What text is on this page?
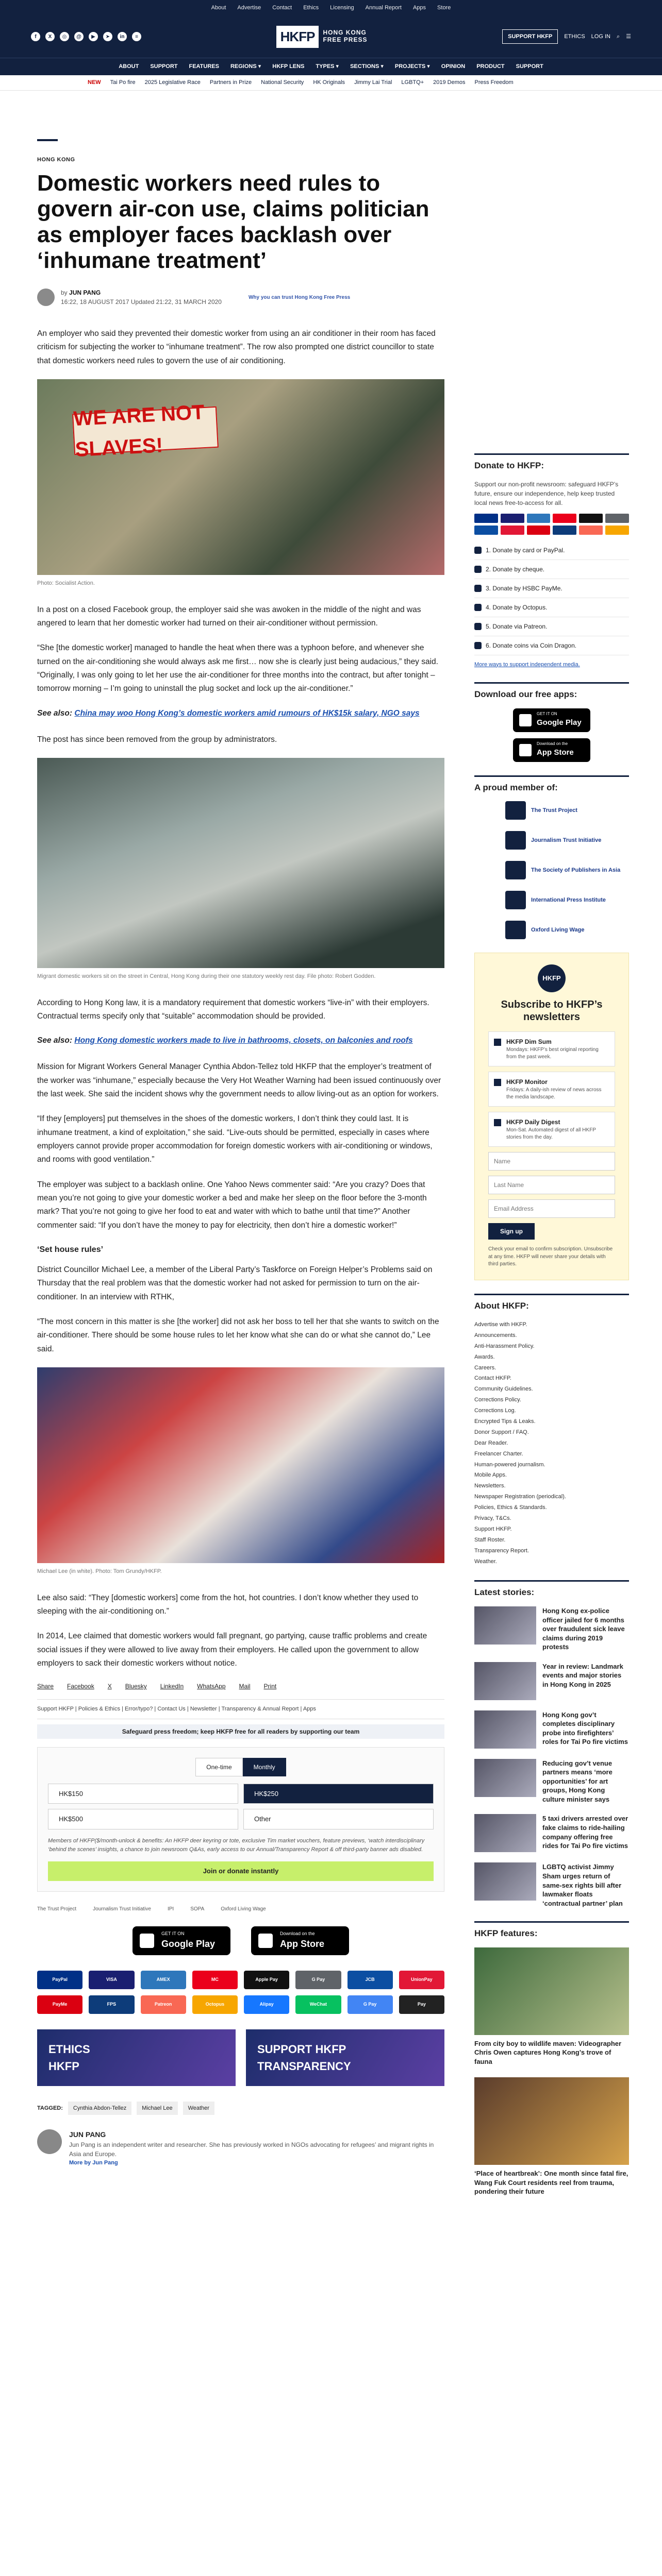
About Advertise Contact Ethics Licensing Annual Report Apps Store
f	X	◎	@	▶	➤	in	≡	HKFP	HONG KONG
FREE PRESS	SUPPORT HKFP	ETHICS LOG IN ⌕ ☰
ABOUT SUPPORT FEATURES REGIONS ▾ HKFP LENS TYPES ▾ SECTIONS ▾ PROJECTS ▾ OPINION PRODUCT SUPPORT
NEW Tai Po fire 2025 Legislative Race Partners in Prize National Security HK Originals Jimmy Lai Trial LGBTQ+ 2019 Demos Press Freedom
HONG KONG
Domestic workers need rules to govern air-con use, claims politician as employer faces backlash over ‘inhumane treatment’
by JUN PANG
16:22, 18 AUGUST 2017 Updated 21:22, 31 MARCH 2020
Why you can trust Hong Kong Free Press

An employer who said they prevented their domestic worker from using an air conditioner in their room has faced criticism for subjecting the worker to “inhumane treatment”. The row also prompted one district councillor to state that domestic workers need rules to govern the use of air conditioning.

WE ARE NOT SLAVES!
Photo: Socialist Action.

In a post on a closed Facebook group, the employer said she was awoken in the middle of the night and was angered to learn that her domestic worker had turned on their air-conditioner without permission.

“She [the domestic worker] managed to handle the heat when there was a typhoon before, and whenever she turned on the air-conditioning she would always ask me first… now she is clearly just being audacious,” they said. “Originally, I was only going to let her use the air-conditioner for three months into the contract, but after tonight – tomorrow morning – I’m going to uninstall the plug socket and lock up the air-conditioner.”

See also: China may woo Hong Kong’s domestic workers amid rumours of HK$15k salary, NGO says

The post has since been removed from the group by administrators.

Migrant domestic workers sit on the street in Central, Hong Kong during their one statutory weekly rest day. File photo: Robert Godden.

According to Hong Kong law, it is a mandatory requirement that domestic workers “live-in” with their employers. Contractual terms specify only that “suitable” accommodation should be provided.

See also: Hong Kong domestic workers made to live in bathrooms, closets, on balconies and roofs

Mission for Migrant Workers General Manager Cynthia Abdon-Tellez told HKFP that the employer’s treatment of the worker was “inhumane,” especially because the Very Hot Weather Warning had been issued continuously over the last week. She said the incident shows why the government needs to allow living-out as an option for workers.

“If they [employers] put themselves in the shoes of the domestic workers, I don’t think they could last. It is inhumane treatment, a kind of exploitation,” she said. “Live-outs should be permitted, especially in cases where employers cannot provide proper accommodation for foreign domestic workers with air-conditioning or windows, and rooms with good ventilation.”

The employer was subject to a backlash online. One Yahoo News commenter said: “Are you crazy? Does that mean you’re not going to give your domestic worker a bed and make her sleep on the floor before the 3-month mark? That you’re not going to give her food to eat and water with which to bathe until that time?” Another commenter said: “If you don’t have the money to pay for electricity, then don’t hire a domestic worker!”

‘Set house rules’

District Councillor Michael Lee, a member of the Liberal Party’s Taskforce on Foreign Helper’s Problems said on Thursday that the real problem was that the domestic worker had not asked for permission to turn on the air-conditioner. In an interview with RTHK,

“The most concern in this matter is she [the worker] did not ask her boss to tell her that she wants to switch on the air-conditioner. There should be some house rules to let her know what she can do or what she cannot do,” Lee said.

Michael Lee (in white). Photo: Tom Grundy/HKFP.

Lee also said: “They [domestic workers] come from the hot, hot countries. I don’t know whether they used to sleeping with the air-conditioning on.”

In 2014, Lee claimed that domestic workers would fall pregnant, go partying, cause traffic problems and create social issues if they were allowed to live away from their employers. He called upon the government to allow employers to sack their domestic workers without notice.

Share Facebook X Bluesky LinkedIn WhatsApp Mail Print
Support HKFP | Policies & Ethics | Error/typo? | Contact Us | Newsletter | Transparency & Annual Report | Apps
Safeguard press freedom; keep HKFP free for all readers by supporting our team
One-time	Monthly
HK$150	HK$250
HK$500	Other
Members of HKFP($/month-unlock & benefits: An HKFP deer keyring or tote, exclusive Tim market vouchers, feature previews, ‘watch interdisciplinary ‘behind the scenes’ insights, a chance to join newsroom Q&As, early access to our Annual/Transparency Report & off third-party banner ads disabled.
Join or donate instantly
The Trust Project	Journalism Trust Initiative	IPI	SOPA	Oxford Living Wage
GET IT ON
Google Play
Download on the
App Store
PayPal	VISA	AMEX	MC	Apple Pay	G Pay	JCB	UnionPay
PayMe	FPS	Patreon	Octopus	Alipay	WeChat	G Pay	Pay
ETHICS
HKFP
SUPPORT HKFP
TRANSPARENCY
TAGGED:	Cynthia Abdon-Tellez	Michael Lee	Weather
JUN PANG
Jun Pang is an independent writer and researcher. She has previously worked in NGOs advocating for refugees’ and migrant rights in Asia and Europe.
More by Jun Pang
Donate to HKFP:
Support our non-profit newsroom: safeguard HKFP’s future, ensure our independence, help keep trusted local news free-to-access for all.
1. Donate by card or PayPal.
2. Donate by cheque.
3. Donate by HSBC PayMe.
4. Donate by Octopus.
5. Donate via Patreon.
6. Donate coins via Coin Dragon.
More ways to support independent media.
Download our free apps:
GET IT ON
Google Play
Download on the
App Store
A proud member of:
The Trust Project
Journalism Trust Initiative
The Society of Publishers in Asia
International Press Institute
Oxford Living Wage
HKFP
Subscribe to HKFP’s newsletters
HKFP Dim Sum
Mondays: HKFP’s best original reporting from the past week.
HKFP Monitor
Fridays: A daily-ish review of news across the media landscape.
HKFP Daily Digest
Mon-Sat. Automated digest of all HKFP stories from the day.
Name
Last Name
Email Address
Sign up
Check your email to confirm subscription. Unsubscribe at any time. HKFP will never share your details with third parties.
About HKFP:
Advertise with HKFP.
Announcements.
Anti-Harassment Policy.
Awards.
Careers.
Contact HKFP.
Community Guidelines.
Corrections Policy.
Corrections Log.
Encrypted Tips & Leaks.
Donor Support / FAQ.
Dear Reader.
Freelancer Charter.
Human-powered journalism.
Mobile Apps.
Newsletters.
Newspaper Registration (periodical).
Policies, Ethics & Standards.
Privacy, T&Cs.
Support HKFP.
Staff Roster.
Transparency Report.
Weather.
Latest stories:
Hong Kong ex-police officer jailed for 6 months over fraudulent sick leave claims during 2019 protests
Year in review: Landmark events and major stories in Hong Kong in 2025
Hong Kong gov’t completes disciplinary probe into firefighters’ roles for Tai Po fire victims
Reducing gov’t venue partners means ‘more opportunities’ for art groups, Hong Kong culture minister says
5 taxi drivers arrested over fake claims to ride-hailing company offering free rides for Tai Po fire victims
LGBTQ activist Jimmy Sham urges return of same-sex rights bill after lawmaker floats ‘contractual partner’ plan
HKFP features:
From city boy to wildlife maven: Videographer Chris Owen captures Hong Kong’s trove of fauna
‘Place of heartbreak’: One month since fatal fire, Wang Fuk Court residents reel from trauma, pondering their future
